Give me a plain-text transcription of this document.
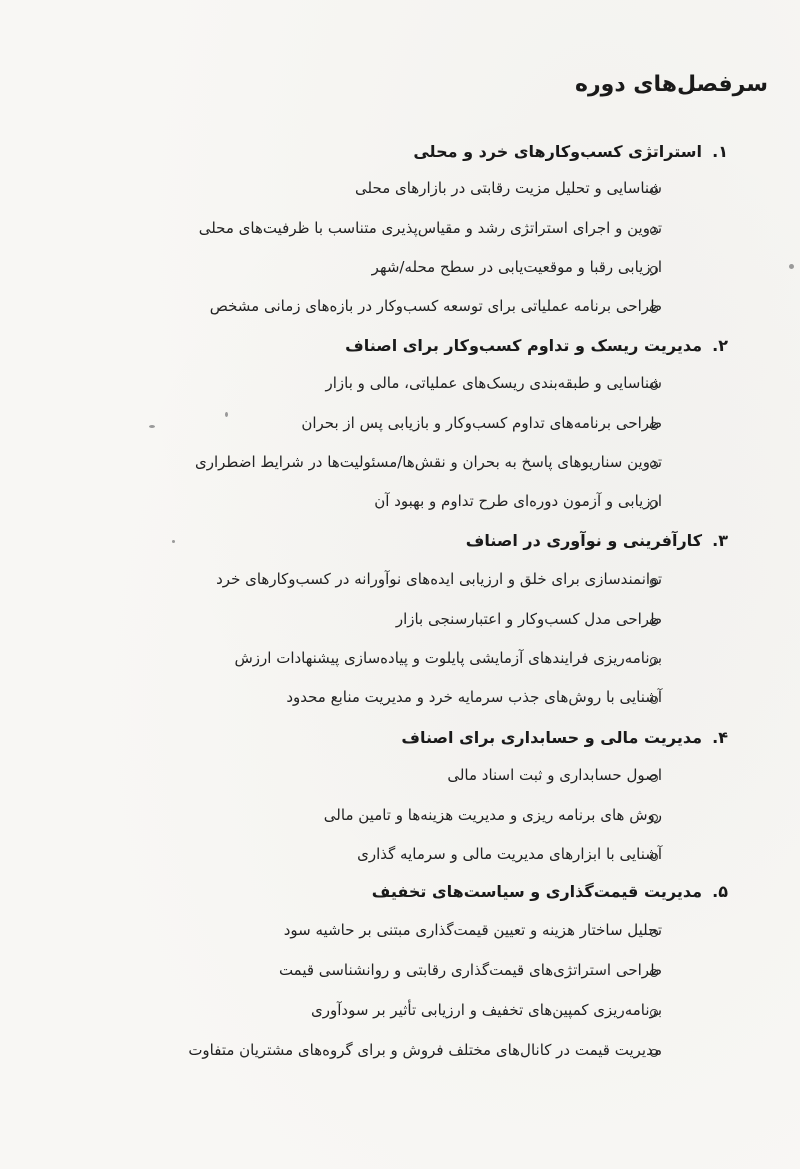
سرفصل‌های دوره
۱.استراتژی کسب‌وکارهای خرد و محلی
شناسایی و تحلیل مزیت رقابتی در بازارهای محلی
تدوین و اجرای استراتژی رشد و مقیاس‌پذیری متناسب با ظرفیت‌های محلی
ارزیابی رقبا و موقعیت‌یابی در سطح محله/شهر
طراحی برنامه عملیاتی برای توسعه کسب‌وکار در بازه‌های زمانی مشخص
۲.مدیریت ریسک و تداوم کسب‌وکار برای اصناف
شناسایی و طبقه‌بندی ریسک‌های عملیاتی، مالی و بازار
طراحی برنامه‌های تداوم کسب‌وکار و بازیابی پس از بحران
تدوین سناریوهای پاسخ به بحران و نقش‌ها/مسئولیت‌ها در شرایط اضطراری
ارزیابی و آزمون دوره‌ای طرح تداوم و بهبود آن
۳.کارآفرینی و نوآوری در اصناف
توانمندسازی برای خلق و ارزیابی ایده‌های نوآورانه در کسب‌وکارهای خرد
طراحی مدل کسب‌وکار و اعتبارسنجی بازار
برنامه‌ریزی فرایندهای آزمایشی پایلوت و پیاده‌سازی پیشنهادات ارزش
آشنایی با روش‌های جذب سرمایه خرد و مدیریت منابع محدود
۴.مدیریت مالی و حسابداری برای اصناف
اصول حسابداری و ثبت اسناد مالی
روش های برنامه ریزی و مدیریت هزینه‌ها و تامین مالی
آشنایی با ابزارهای مدیریت مالی و سرمایه گذاری
۵.مدیریت قیمت‌گذاری و سیاست‌های تخفیف
تحلیل ساختار هزینه و تعیین قیمت‌گذاری مبتنی بر حاشیه سود
طراحی استراتژی‌های قیمت‌گذاری رقابتی و روانشناسی قیمت
برنامه‌ریزی کمپین‌های تخفیف و ارزیابی تأثیر بر سودآوری
مدیریت قیمت در کانال‌های مختلف فروش و برای گروه‌های مشتریان متفاوت
